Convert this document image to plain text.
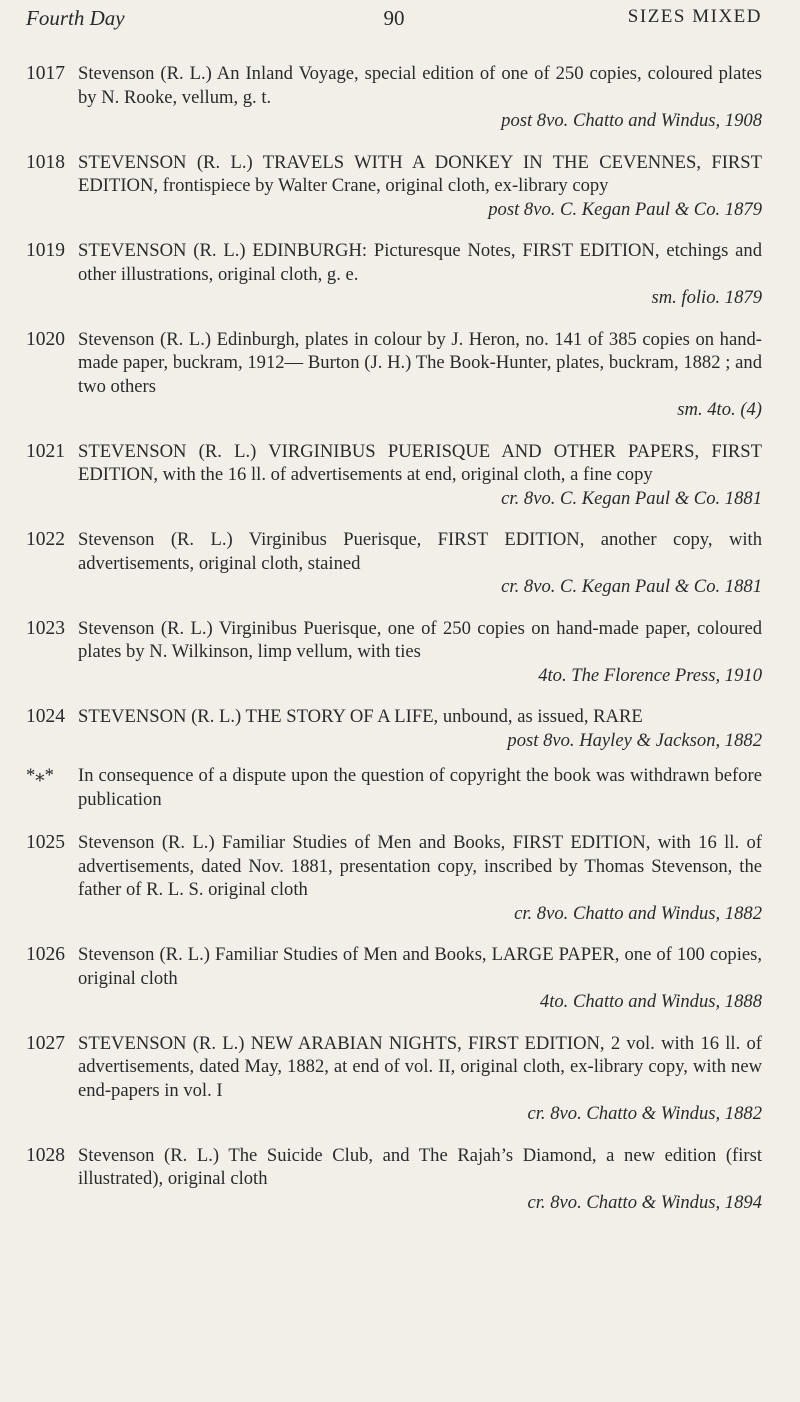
Fourth Day	90	SIZES MIXED
1017 Stevenson (R. L.) An Inland Voyage, special edition of one of 250 copies, coloured plates by N. Rooke, vellum, g. t.
post 8vo. Chatto and Windus, 1908
1018 STEVENSON (R. L.) TRAVELS WITH A DONKEY IN THE CEVENNES, FIRST EDITION, frontispiece by Walter Crane, original cloth, ex-library copy
post 8vo. C. Kegan Paul & Co. 1879
1019 STEVENSON (R. L.) EDINBURGH: Picturesque Notes, FIRST EDITION, etchings and other illustrations, original cloth, g. e.
sm. folio. 1879
1020 Stevenson (R. L.) Edinburgh, plates in colour by J. Heron, no. 141 of 385 copies on hand-made paper, buckram, 1912— Burton (J. H.) The Book-Hunter, plates, buckram, 1882 ; and two others
sm. 4to. (4)
1021 STEVENSON (R. L.) VIRGINIBUS PUERISQUE AND OTHER PAPERS, FIRST EDITION, with the 16 ll. of advertisements at end, original cloth, a fine copy
cr. 8vo. C. Kegan Paul & Co. 1881
1022 Stevenson (R. L.) Virginibus Puerisque, FIRST EDITION, another copy, with advertisements, original cloth, stained
cr. 8vo. C. Kegan Paul & Co. 1881
1023 Stevenson (R. L.) Virginibus Puerisque, one of 250 copies on hand-made paper, coloured plates by N. Wilkinson, limp vellum, with ties
4to. The Florence Press, 1910
1024 STEVENSON (R. L.) THE STORY OF A LIFE, unbound, as issued, RARE
post 8vo. Hayley & Jackson, 1882
*⁎*	In consequence of a dispute upon the question of copyright the book was withdrawn before publication
1025 Stevenson (R. L.) Familiar Studies of Men and Books, FIRST EDITION, with 16 ll. of advertisements, dated Nov. 1881, presentation copy, inscribed by Thomas Stevenson, the father of R. L. S. original cloth
cr. 8vo. Chatto and Windus, 1882
1026 Stevenson (R. L.) Familiar Studies of Men and Books, LARGE PAPER, one of 100 copies, original cloth
4to. Chatto and Windus, 1888
1027 STEVENSON (R. L.) NEW ARABIAN NIGHTS, FIRST EDITION, 2 vol. with 16 ll. of advertisements, dated May, 1882, at end of vol. II, original cloth, ex-library copy, with new end-papers in vol. I
cr. 8vo. Chatto & Windus, 1882
1028 Stevenson (R. L.) The Suicide Club, and The Rajah’s Diamond, a new edition (first illustrated), original cloth
cr. 8vo. Chatto & Windus, 1894
